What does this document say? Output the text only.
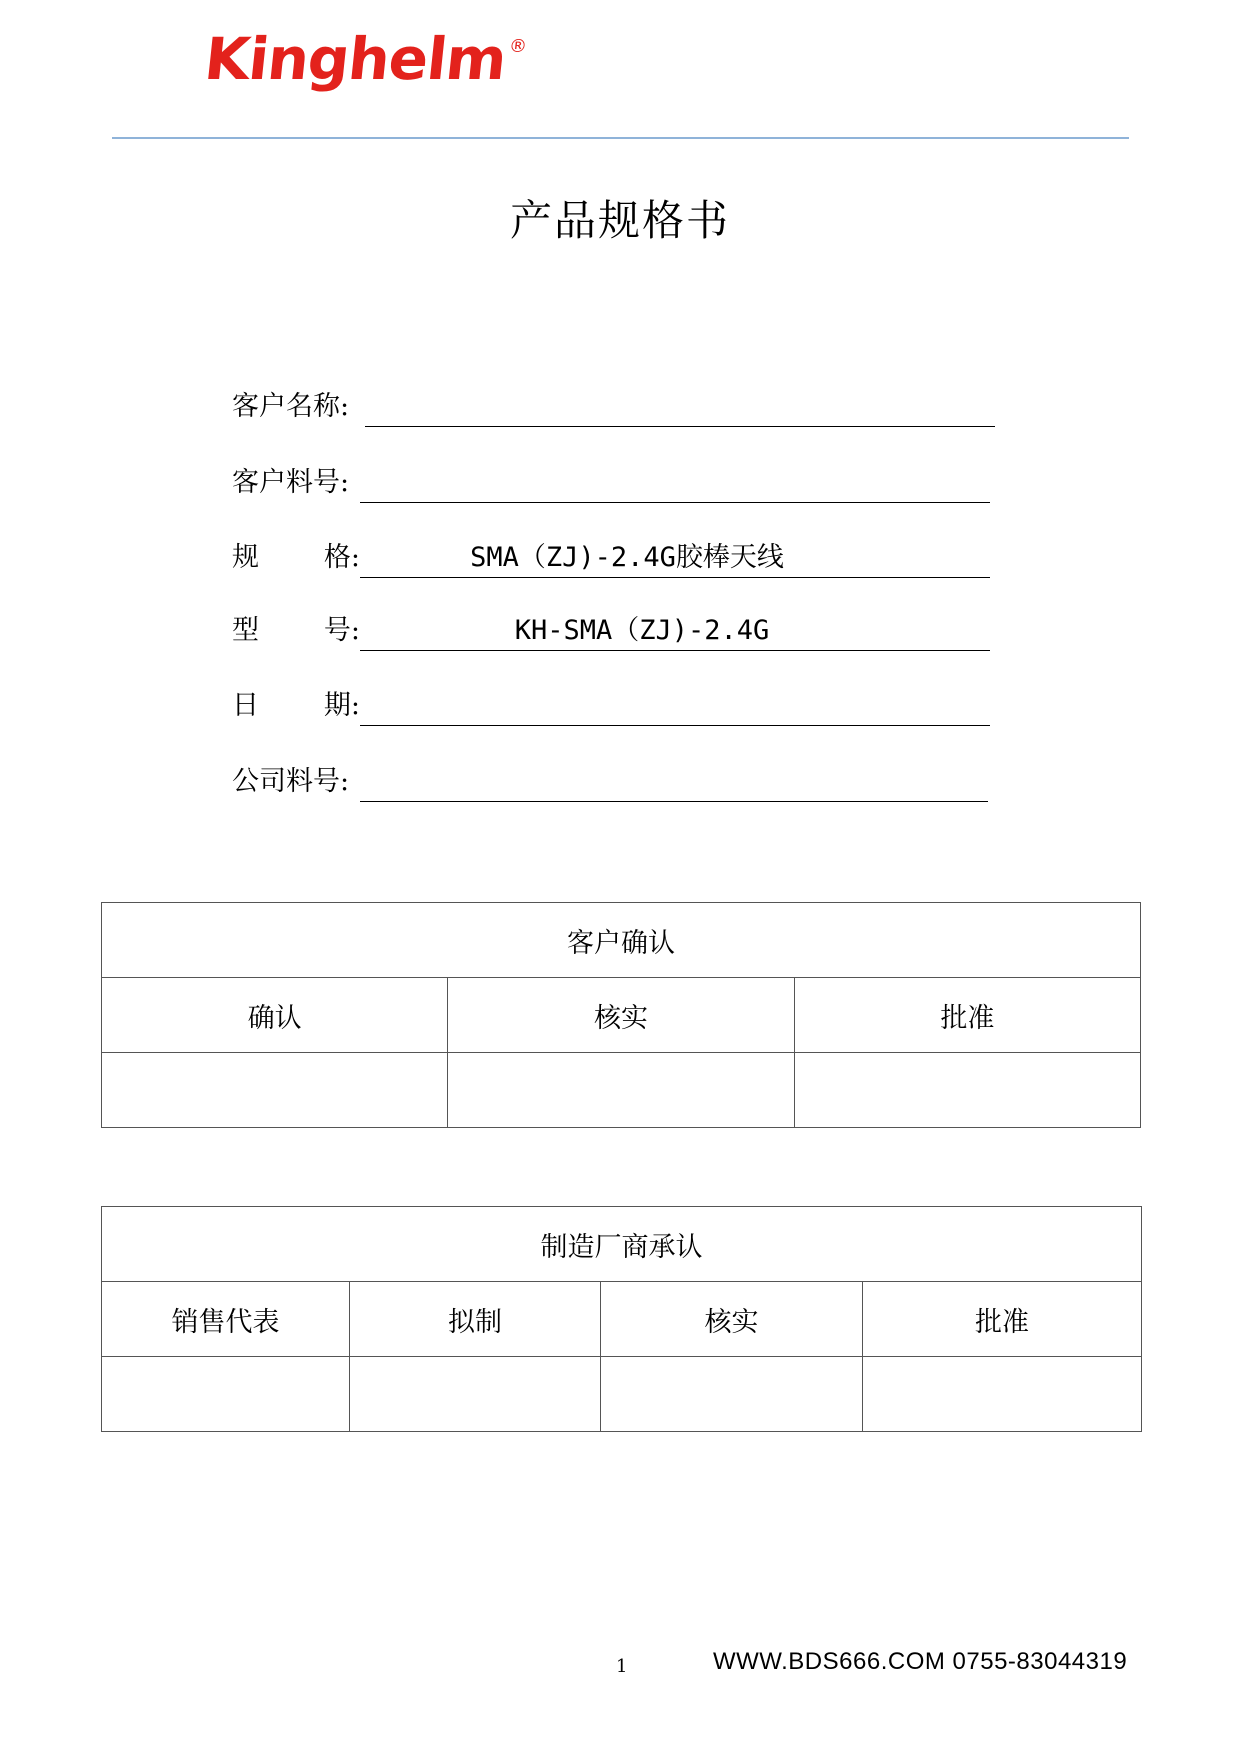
Kinghelm®
产品规格书
客户名称:
客户料号:
规 格:	SMA（ZJ)-2.4G胶棒天线
型 号:	KH-SMA（ZJ)-2.4G
日 期:
公司料号:
客户确认		
确认	核实	批准

制造厂商承认			
销售代表	拟制	核实	批准

1	WWW.BDS666.COM 0755-83044319
